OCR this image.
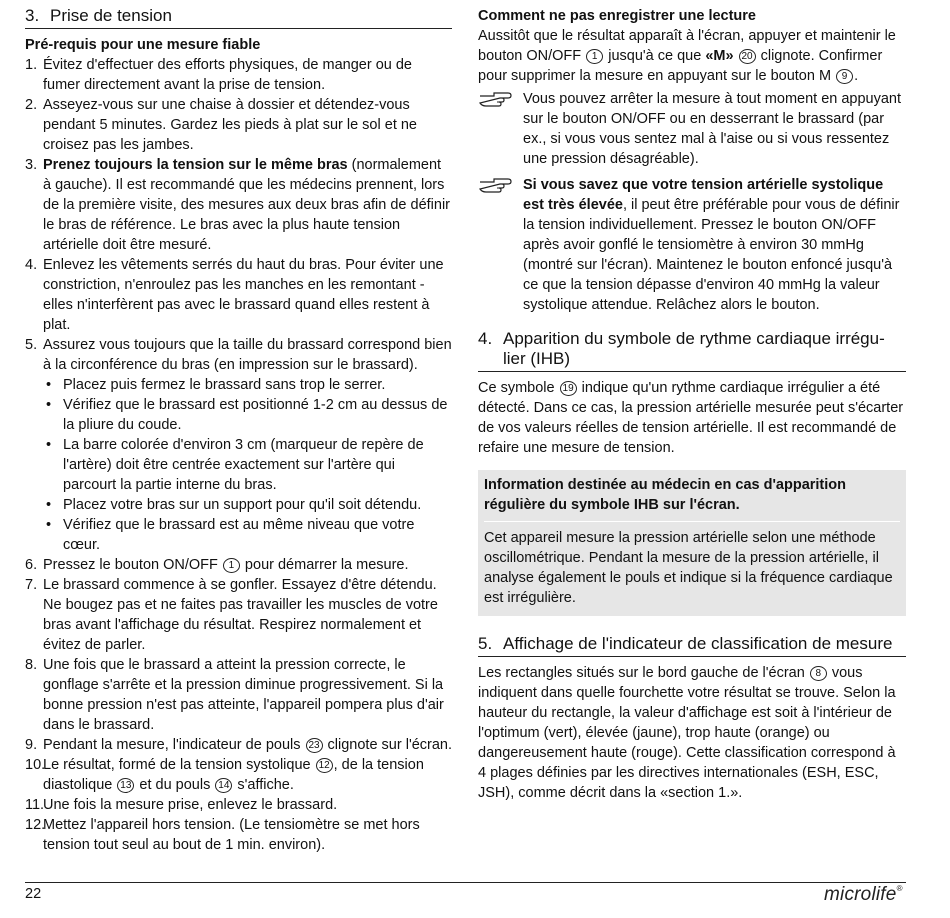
3. Prise de tension

Pré-requis pour une mesure fiable

1. Évitez d'effectuer des efforts physiques, de manger ou de fumer directement avant la prise de tension.
2. Asseyez-vous sur une chaise à dossier et détendez-vous pendant 5 minutes. Gardez les pieds à plat sur le sol et ne croisez pas les jambes.
3. Prenez toujours la tension sur le même bras (normalement à gauche). Il est recommandé que les médecins prennent, lors de la première visite, des mesures aux deux bras afin de définir le bras de référence. Le bras avec la plus haute tension artérielle doit être mesuré.
4. Enlevez les vêtements serrés du haut du bras. Pour éviter une constriction, n'enroulez pas les manches en les remontant - elles n'interfèrent pas avec le brassard quand elles restent à plat.
5. Assurez vous toujours que la taille du brassard correspond bien à la circonférence du bras (en impression sur le brassard).
• Placez puis fermez le brassard sans trop le serrer.
• Vérifiez que le brassard est positionné 1-2 cm au dessus de la pliure du coude.
• La barre colorée d'environ 3 cm (marqueur de repère de l'artère) doit être centrée exactement sur l'artère qui parcourt la partie interne du bras.
• Placez votre bras sur un support pour qu'il soit détendu.
• Vérifiez que le brassard est au même niveau que votre cœur.
6. Pressez le bouton ON/OFF 1 pour démarrer la mesure.
7. Le brassard commence à se gonfler. Essayez d'être détendu. Ne bougez pas et ne faites pas travailler les muscles de votre bras avant l'affichage du résultat. Respirez normalement et évitez de parler.
8. Une fois que le brassard a atteint la pression correcte, le gonflage s'arrête et la pression diminue progressivement. Si la bonne pression n'est pas atteinte, l'appareil pompera plus d'air dans le brassard.
9. Pendant la mesure, l'indicateur de pouls 23 clignote sur l'écran.
10.
Le résultat, formé de la tension systolique 12 , de la tension diastolique 13 et du pouls 14 s'affiche.
11.
Une fois la mesure prise, enlevez le brassard.
12.
Mettez l'appareil hors tension. (Le tensiomètre se met hors tension tout seul au bout de 1 min. environ).

Comment ne pas enregistrer une lecture

Aussitôt que le résultat apparaît à l'écran, appuyer et maintenir le bouton ON/OFF 1 jusqu'à ce que «M» 20 clignote. Confirmer pour supprimer la mesure en appuyant sur le bouton M 9 .

Vous pouvez arrêter la mesure à tout moment en appuyant sur le bouton ON/OFF ou en desserrant le brassard (par ex., si vous vous sentez mal à l'aise ou si vous ressentez une pression désagréable).
Si vous savez que votre tension artérielle systolique est très élevée, il peut être préférable pour vous de définir la tension individuellement. Pressez le bouton ON/OFF après avoir gonflé le tensiomètre à environ 30 mmHg (montré sur l'écran). Maintenez le bouton enfoncé jusqu'à ce que la tension dépasse d'environ 40 mmHg la valeur systolique attendue. Relâchez alors le bouton.
4. Apparition du symbole de rythme cardiaque irrégu-lier (IHB)

Ce symbole 19 indique qu'un rythme cardiaque irrégulier a été détecté. Dans ce cas, la pression artérielle mesurée peut s'écarter de vos valeurs réelles de tension artérielle. Il est recommandé de refaire une mesure de tension.

Information destinée au médecin en cas d'apparition régulière du symbole IHB sur l'écran.
Cet appareil mesure la pression artérielle selon une méthode oscillométrique. Pendant la mesure de la pression artérielle, il analyse également le pouls et indique si la fréquence cardiaque est irrégulière.
5. Affichage de l'indicateur de classification de mesure

Les rectangles situés sur le bord gauche de l'écran 8 vous indiquent dans quelle fourchette votre résultat se trouve. Selon la hauteur du rectangle, la valeur d'affichage est soit à l'intérieur de l'optimum (vert), élevée (jaune), trop haute (orange) ou dangereusement haute (rouge). Cette classification correspond à 4 plages définies par les directives internationales (ESH, ESC, JSH), comme décrit dans la «section 1.».

22	microlife®
